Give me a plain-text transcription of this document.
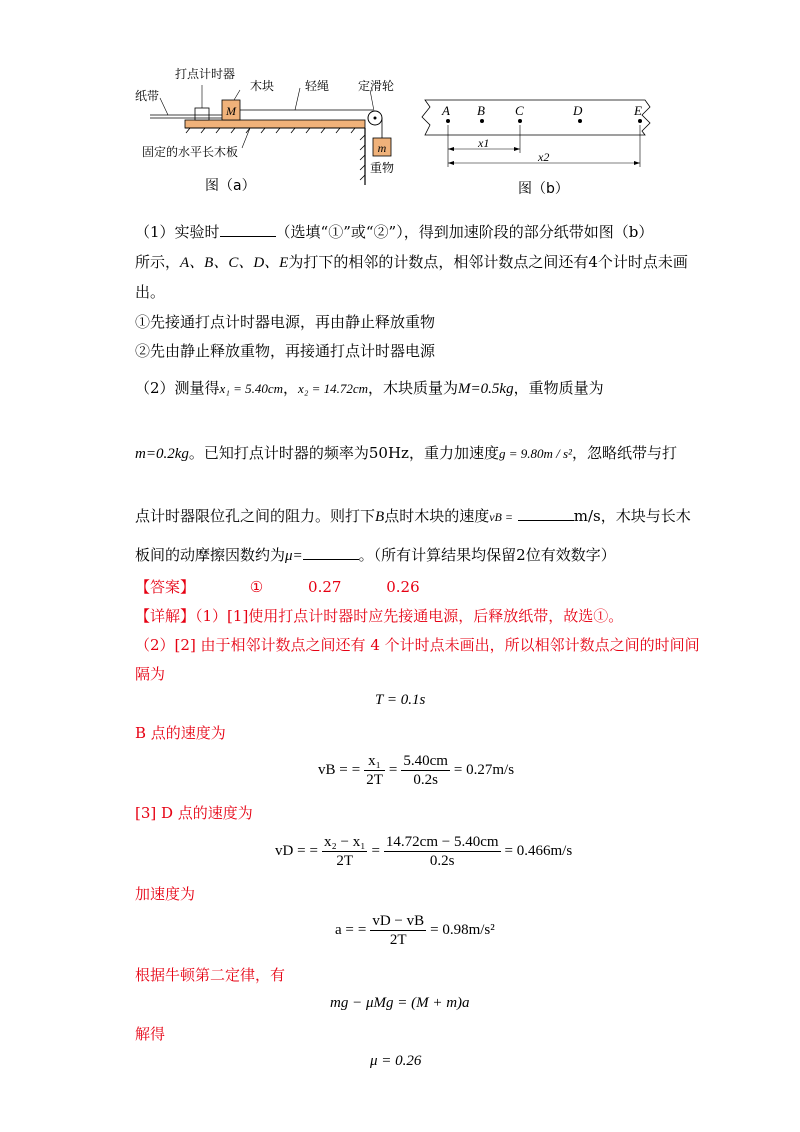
M
m
打点计时器
木块	轻绳 定滑轮
纸带
固定的水平长木板
重物
图（a）
A B C	D	E
x1
x2
图（b）
（1）实验时	（选填“①”或“②”），得到加速阶段的部分纸带如图（b）
所示，A、B、C、D、E为打下的相邻的计数点，相邻计数点之间还有4个计时点未画
出。
①先接通打点计时器电源，再由静止释放重物
②先由静止释放重物，再接通打点计时器电源
（2）测量得x₁ = 5.40cm，x₂ = 14.72cm，木块质量为M=0.5kg，重物质量为
m=0.2kg。已知打点计时器的频率为50Hz，重力加速度g = 9.80m / s²，忽略纸带与打
点计时器限位孔之间的阻力。则打下B点时木块的速度vB =	m/s，木块与长木
板间的动摩擦因数约为μ=	。（所有计算结果均保留2位有效数字）
【答案】	①	0.27	0.26
【详解】（1）[1]使用打点计时器时应先接通电源，后释放纸带，故选①。
（2）[2] 由于相邻计数点之间还有 4 个计时点未画出，所以相邻计数点之间的时间间
隔为
T = 0.1s
B 点的速度为
vB = = $\frac{\text{x₁}}{2T} = \frac{5.40cm}{0.2s} = 0.27m/s$
[3] D 点的速度为
vD = = $\frac{\text{x₂ − x₁}}{2T} = \frac{14.72cm - 5.40cm}{0.2s} = 0.466m/s$
加速度为
a = = $\frac{vD - vB}{2T} = 0.98m/s^2$
根据牛顿第二定律，有
mg − μMg = (M + m)a
解得
μ = 0.26
